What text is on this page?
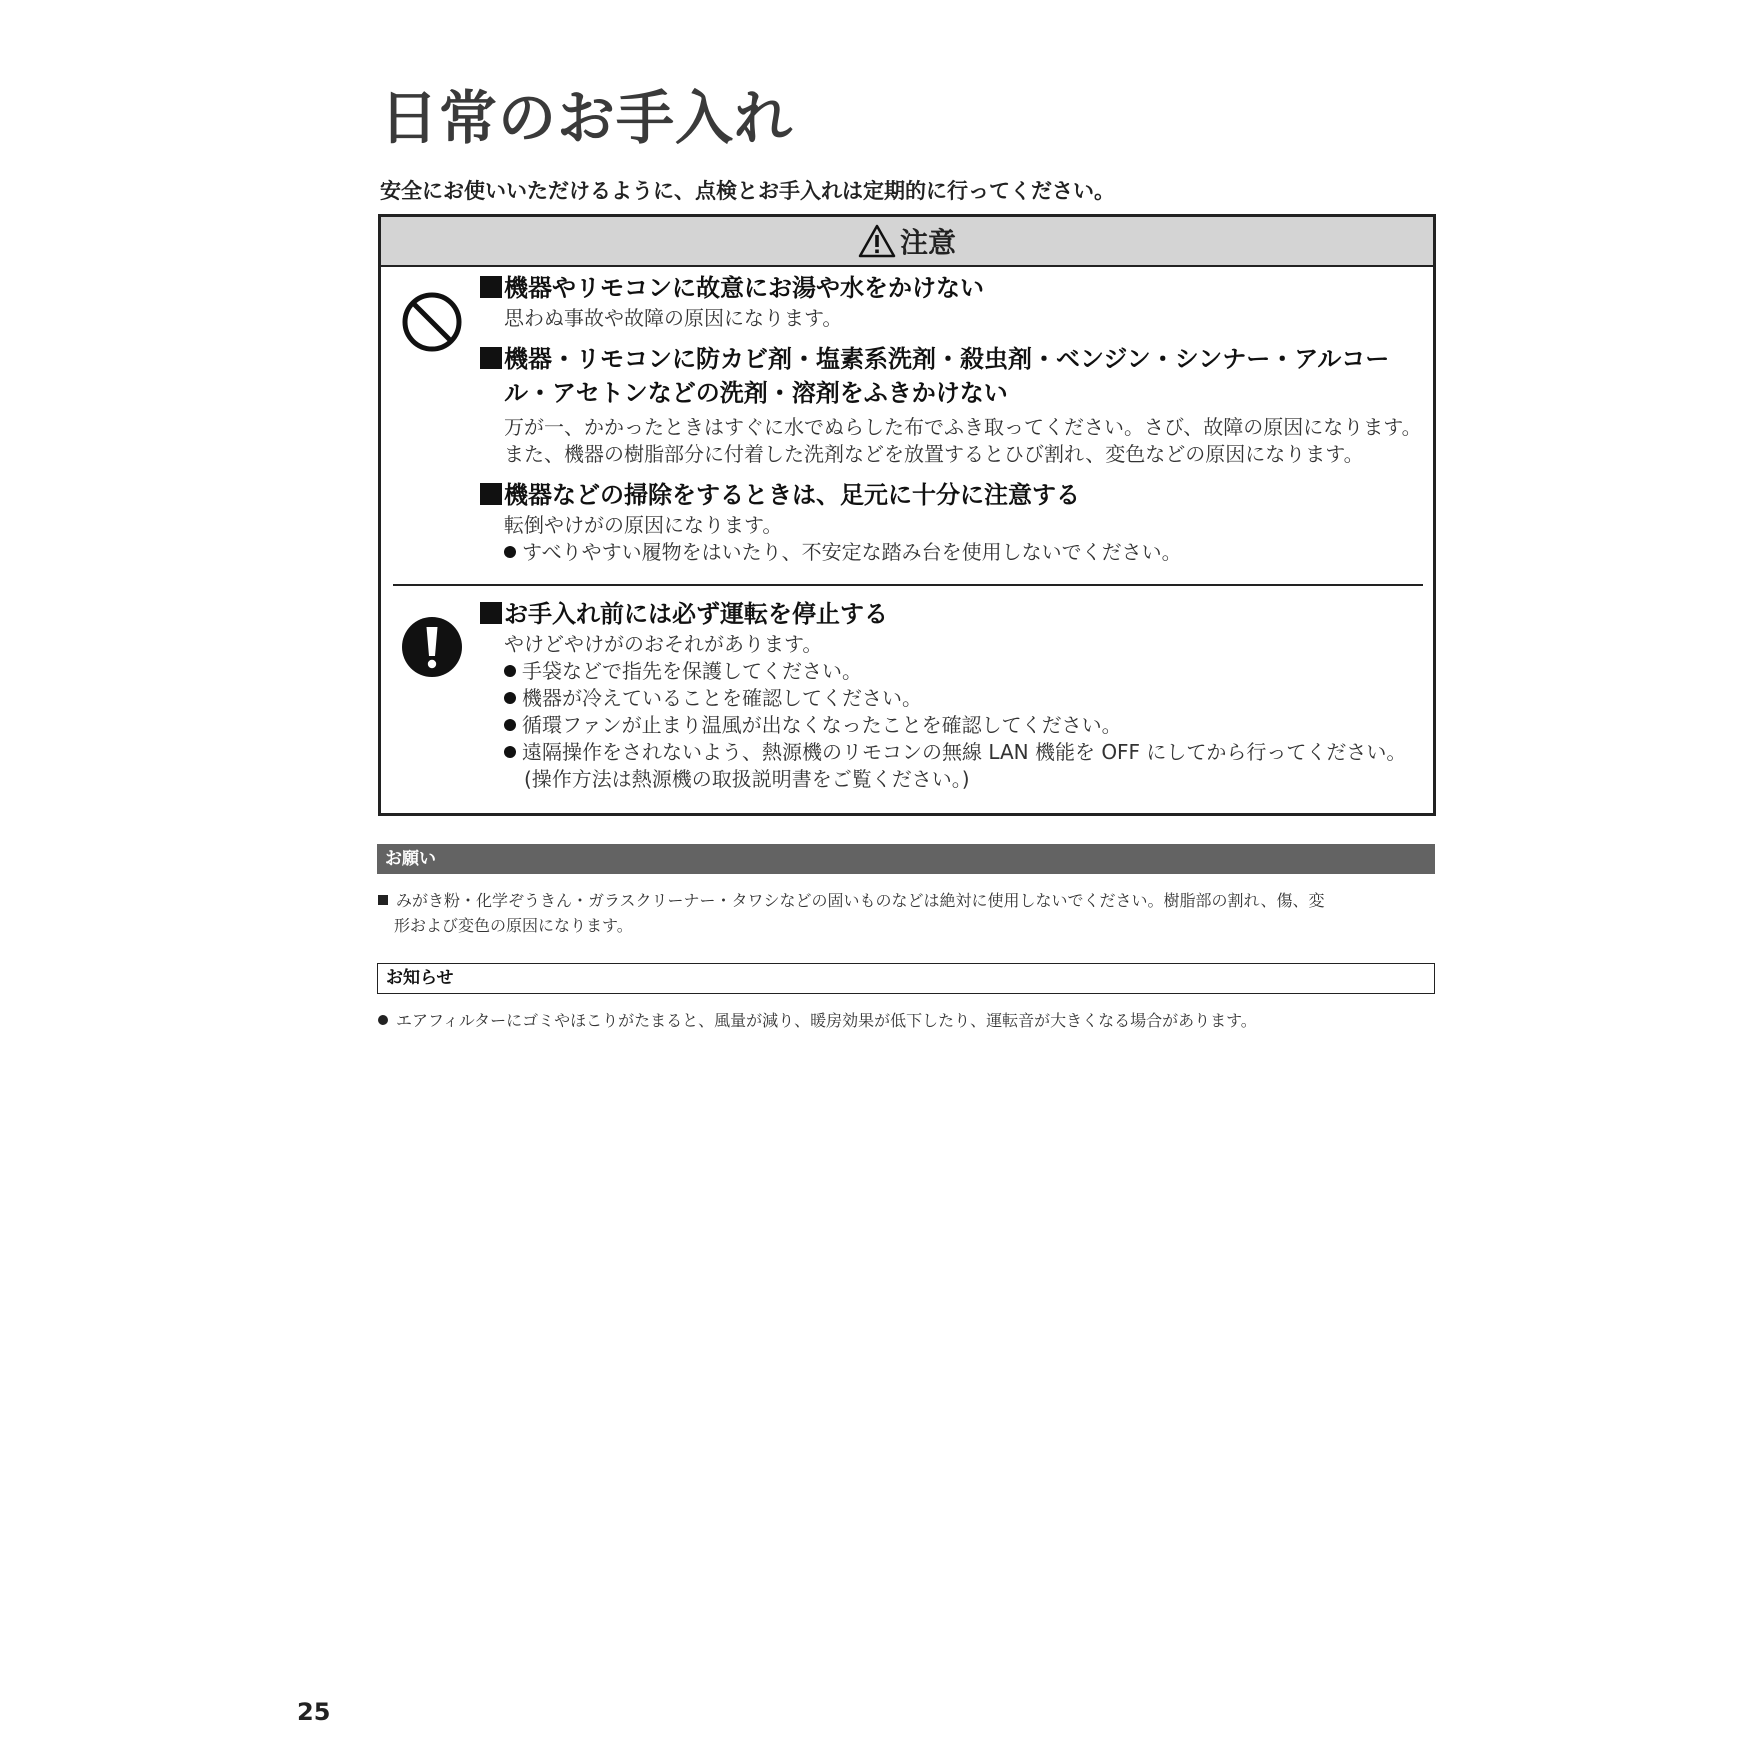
日常のお手入れ
安全にお使いいただけるように、点検とお手入れは定期的に行ってください。
注意
機器やリモコンに故意にお湯や水をかけない
思わぬ事故や故障の原因になります。
機器・リモコンに防カビ剤・塩素系洗剤・殺虫剤・ベンジン・シンナー・アルコール・アセトンなどの洗剤・溶剤をふきかけない
万が一、かかったときはすぐに水でぬらした布でふき取ってください。さび、故障の原因になります。
また、機器の樹脂部分に付着した洗剤などを放置するとひび割れ、変色などの原因になります。
機器などの掃除をするときは、足元に十分に注意する
転倒やけがの原因になります。
すべりやすい履物をはいたり、不安定な踏み台を使用しないでください。
お手入れ前には必ず運転を停止する
やけどやけがのおそれがあります。
手袋などで指先を保護してください。
機器が冷えていることを確認してください。
循環ファンが止まり温風が出なくなったことを確認してください。
遠隔操作をされないよう、熱源機のリモコンの無線 LAN 機能を OFF にしてから行ってください。
(操作方法は熱源機の取扱説明書をご覧ください。)
お願い
みがき粉・化学ぞうきん・ガラスクリーナー・タワシなどの固いものなどは絶対に使用しないでください。樹脂部の割れ、傷、変
形および変色の原因になります。
お知らせ
エアフィルターにゴミやほこりがたまると、風量が減り、暖房効果が低下したり、運転音が大きくなる場合があります。
25
